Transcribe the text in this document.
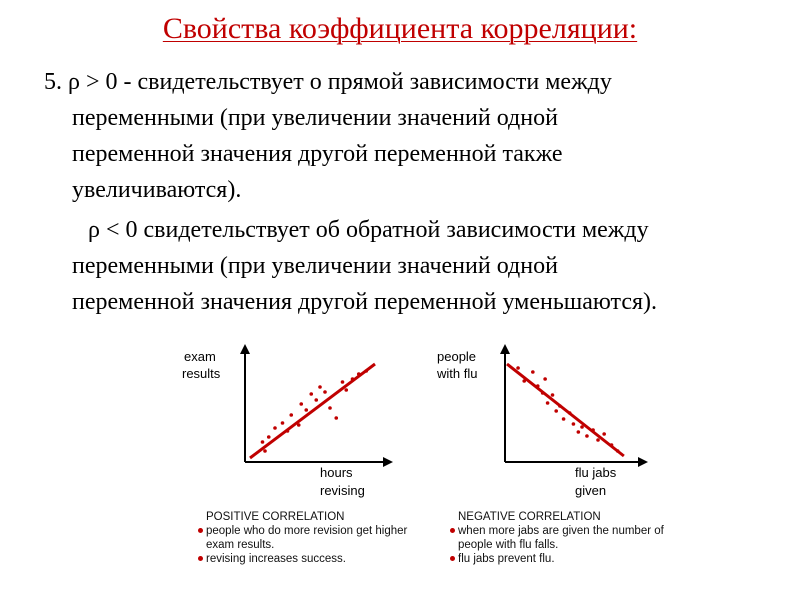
Свойства коэффициента корреляции:
5. ρ > 0 - свидетельствует о прямой зависимости между
переменными (при увеличении значений одной
переменной значения другой переменной также
увеличиваются).
ρ < 0 свидетельствует об обратной зависимости между
переменными (при увеличении значений одной
переменной значения другой переменной уменьшаются).
exam
results
hours
revising
people
with flu
flu jabs
given
POSITIVE CORRELATION
people who do more revision get higher exam results.
revising increases success.
NEGATIVE CORRELATION
when more jabs are given the number of people with flu falls.
flu jabs prevent flu.
